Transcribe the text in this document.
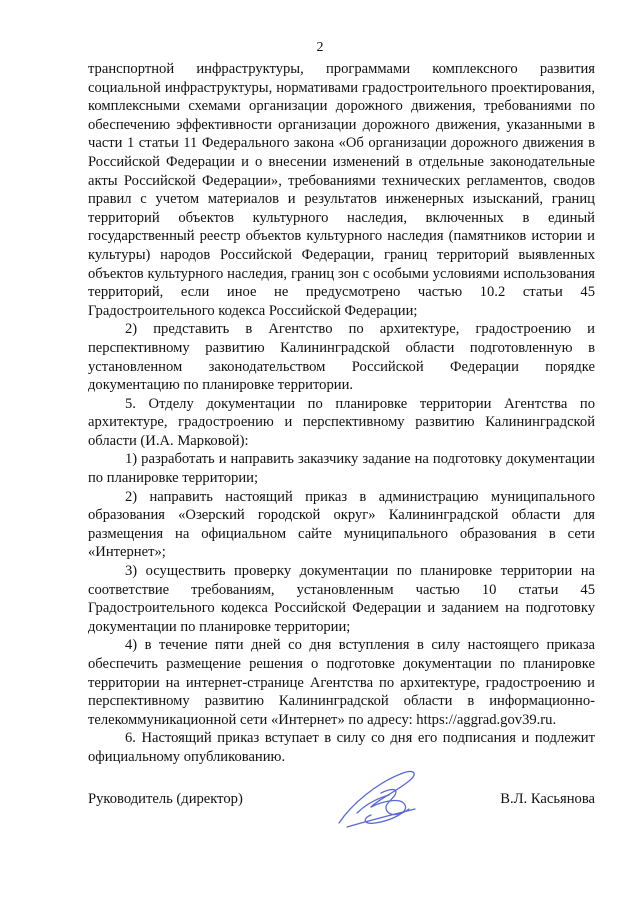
2

транспортной инфраструктуры, программами комплексного развития социальной инфраструктуры, нормативами градостроительного проектирования, комплексными схемами организации дорожного движения, требованиями по обеспечению эффективности организации дорожного движения, указанными в части 1 статьи 11 Федерального закона «Об организации дорожного движения в Российской Федерации и о внесении изменений в отдельные законодательные акты Российской Федерации», требованиями технических регламентов, сводов правил с учетом материалов и результатов инженерных изысканий, границ территорий объектов культурного наследия, включенных в единый государственный реестр объектов культурного наследия (памятников истории и культуры) народов Российской Федерации, границ территорий выявленных объектов культурного наследия, границ зон с особыми условиями использования территорий, если иное не предусмотрено частью 10.2 статьи 45 Градостроительного кодекса Российской Федерации;

2) представить в Агентство по архитектуре, градостроению и перспективному развитию Калининградской области подготовленную в установленном законодательством Российской Федерации порядке документацию по планировке территории.

5. Отделу документации по планировке территории Агентства по архитектуре, градостроению и перспективному развитию Калининградской области (И.А. Марковой):

1) разработать и направить заказчику задание на подготовку документации по планировке территории;

2) направить настоящий приказ в администрацию муниципального образования «Озерский городской округ» Калининградской области для размещения на официальном сайте муниципального образования в сети «Интернет»;

3) осуществить проверку документации по планировке территории на соответствие требованиям, установленным частью 10 статьи 45 Градостроительного кодекса Российской Федерации и заданием на подготовку документации по планировке территории;

4) в течение пяти дней со дня вступления в силу настоящего приказа обеспечить размещение решения о подготовке документации по планировке территории на интернет-странице Агентства по архитектуре, градостроению и перспективному развитию Калининградской области в информационно-телекоммуникационной сети «Интернет» по адресу: https://aggrad.gov39.ru.

6. Настоящий приказ вступает в силу со дня его подписания и подлежит официальному опубликованию.

Руководитель (директор)	В.Л. Касьянова
